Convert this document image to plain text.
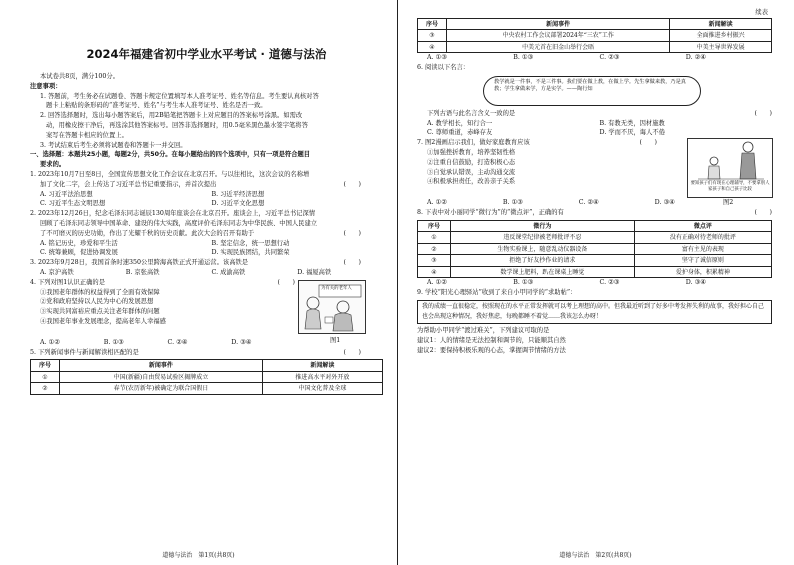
2024年福建省初中学业水平考试 · 道德与法治
本试卷共8页，满分100分。
注意事项：
1. 答题前，考生务必在试题卷、答题卡规定位置填写本人准考证号、姓名等信息。考生要认真核对答
题卡上粘贴的条形码的“准考证号、姓名”与考生本人准考证号、姓名是否一致。
2. 回答选择题时，选出每小题答案后，用2B铅笔把答题卡上对应题目的答案标号涂黑。如需改
动，用橡皮擦干净后，再选涂其他答案标号。回答非选择题时，用0.5毫米黑色墨水签字笔将答
案写在答题卡相应的位置上。
3. 考试结束后考生必须将试题卷和答题卡一并交回。
一、选择题：本题共25小题，每题2分，共50分。在每小题给出的四个选项中，只有一项是符合题目
要求的。
1. 2023年10月7日至8日，全国宣传思想文化工作会议在北京召开。与以往相比，这次会议的名称增
加了文化二字，会上传达了习近平总书记重要指示，并首次提出	(　　)
A. 习近平法治思想	B. 习近平经济思想
C. 习近平生态文明思想	D. 习近平文化思想
2. 2023年12月26日，纪念毛泽东同志诞辰130周年座谈会在北京召开。座谈会上，习近平总书记深情
回顾了毛泽东同志领导中国革命、建设的伟大实践，高度评价毛泽东同志为中华民族、中国人民建立
了不可磨灭的历史功勋，作出了光耀千秋的历史贡献。此次大会的召开有助于	(　　)
A. 铭记历史，珍爱和平生活	B. 坚定信念，统一思想行动
C. 统筹兼顾，促进协调发展	D. 实现民族团结，共同繁荣
3. 2023年9月28日，我国首条时速350公里跨海高铁正式开通运营。该高铁是	(　　)
A. 京沪高铁	B. 京张高铁	C. 成渝高铁	D. 福厦高铁
4. 下列对图1认识正确的是	(　　)
①我国老年群体的权益得到了全面有效保障
②党和政府坚持以人民为中心的发展思想
③实现共同富裕应重点关注老年群体的问题
④我国老年事业发展理念，提高老年人幸福感
为有关的老年人
图1
A. ①②	B. ①③	C. ②④	D. ③④
5. 下列新闻事件与新闻解读相匹配的是	(　　)
序号	新闻事件	新闻解读
①	中国(新疆)自由贸易试验区揭牌成立	推进高水平对外开放
②	春节(农历新年)被确定为联合国假日	中国文化普及全球
道德与法治　第1页(共8页)
续表
序号	新闻事件	新闻解读
③	中央农村工作会议部署2024年“三农”工作	全面推进乡村振兴
④	中美元首在旧金山举行会晤	中美主导世界发展
A. ①③	B. ①③	C. ②③	D. ②④
6. 阅读以下名言：
教学就是一件事，不是三件事。我们要在做上教，在做上学。先生拿做来教，乃是真教；学生拿做来学，方是实学。——陶行知
下列古语与此名言含义一致的是	(　　)
A. 教学相长，知行合一	B. 有教无类，因材施教
C. 尊师重道，赤峰存友	D. 学而不厌，诲人不倦
7. 图2漫画启示我们，做好家庭教育应该	(　　)
①加强挫折教育，培养坚韧性格
②注重自信鼓励，打造积极心态
③自觉承认错误，主动沟通交流
④积极承担责任，改善亲子关系	要知孩子们有现在心理辅导，不要拿别人家孩子和自己孩子比较
A. ①②	B. ①③	C. ②④	D. ③④	图2
8. 下表中对小丽同学“微行为”的“微点评”，正确的有	(　　)
序号	微行为	微点评
①	违反课堂纪律被老师批评不忍	没有正确对待老师的批评
②	生物实验课上，随意乱动仪器设备	富有主见的表现
③	拒绝了好友抄作业的请求	坚守了诚信原则
④	数学课上肥料，趴在课桌上睡觉	爱护身体，积累精神
A. ①②	B. ①③	C. ②③	D. ③④
9. 学校“阳光心理驿站”收到了来自小甲同学的“求助帖”：
我的成绩一直很稳定，按照现在的水平正常发挥就可以考上理想的高中。但我最近听到了好多中考发挥失利的故事，我好担心自己也会出现这种情况，我好焦虑，每晚都睡不着觉……我该怎么办呀！
为帮助小甲同学“渡过难关”，下列建议可取的是
建议1：人的情绪是无法控制和调节的，只能顺其自然
建议2：要保持积极乐观的心态，掌握调节情绪的方法
道德与法治　第2页(共8页)
